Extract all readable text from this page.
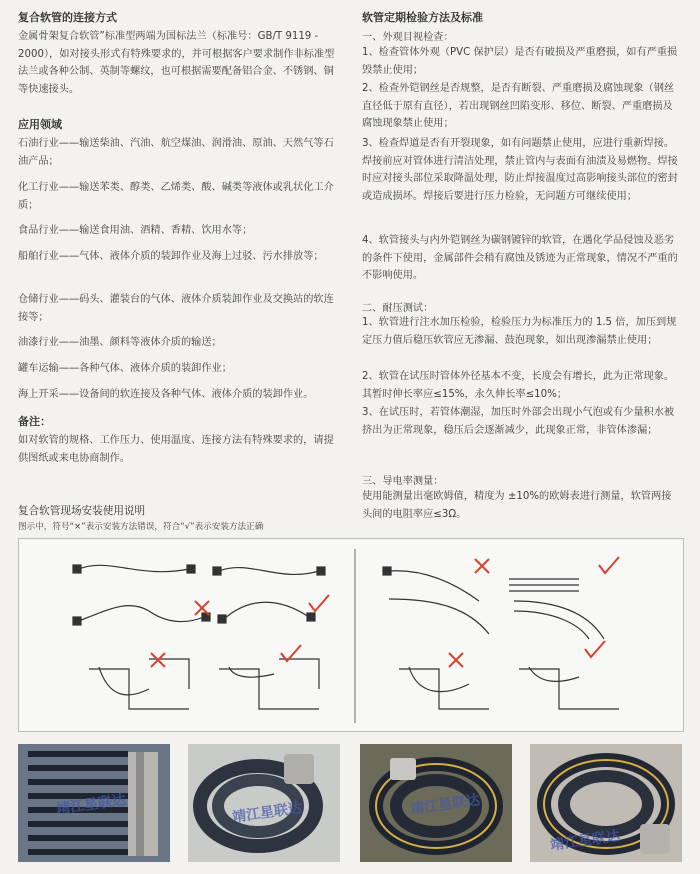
复合软管的连接方式
金属骨架复合软管”标准型两端为国标法兰（标准号：GB/T 9119 - 2000），如对接头形式有特殊要求的，并可根据客户要求制作非标准型法兰或各种公制、英制等螺纹，也可根据需要配备铝合金、不锈钢、铜等快速接头。
应用领域
石油行业——输送柴油、汽油、航空煤油、润滑油、原油、天然气等石油产品；
化工行业——输送苯类、醇类、乙烯类、酸、碱类等液体或乳状化工介质；
食品行业——输送食用油、酒精、香精、饮用水等；
船舶行业——气体、液体介质的装卸作业及海上过驳、污水排放等；
仓储行业——码头、灌装台的气体、液体介质装卸作业及交换站的软连接等；
油漆行业——油墨、颜料等液体介质的输送；
罐车运输——各种气体、液体介质的装卸作业；
海上开采——设备间的软连接及各种气体、液体介质的装卸作业。
备注：
如对软管的规格、工作压力、使用温度、连接方法有特殊要求的，请提供图纸或来电协商制作。
复合软管现场安装使用说明
图示中，符号“×”表示安装方法错误，符合“√”表示安装方法正确
软管定期检验方法及标准
一、外观目视检查：
1、检查管体外观（PVC 保护层）是否有破损及严重磨损，如有严重损毁禁止使用；
2、检查外铠钢丝是否规整，是否有断裂、严重磨损及腐蚀现象（钢丝直径低于原有直径），若出现钢丝凹陷变形、移位、断裂、严重磨损及腐蚀现象禁止使用；
3、检查焊道是否有开裂现象，如有问题禁止使用，应进行重新焊接。焊接前应对管体进行清洁处理，禁止管内与表面有油渍及易燃物。焊接时应对接头部位采取降温处理，防止焊接温度过高影响接头部位的密封或造成损坏。焊接后要进行压力检验，无问题方可继续使用；
4、软管接头与内外铠钢丝为碳钢镀锌的软管，在遇化学品侵蚀及恶劣的条件下使用，金属部件会稍有腐蚀及锈迹为正常现象，情况不严重的不影响使用。
二、耐压测试：
1、软管进行注水加压检验，检验压力为标准压力的 1.5 倍，加压到规定压力值后稳压软管应无渗漏、鼓泡现象，如出现渗漏禁止使用；
2、软管在试压时管体外径基本不变，长度会有增长，此为正常现象。其暂时伸长率应≤15%，永久伸长率≤10%；
3、在试压时，若管体潮湿，加压时外部会出现小气泡或有少量积水被挤出为正常现象，稳压后会逐渐减少，此现象正常，非管体渗漏；
三、导电率测量：
使用能测量出毫欧姆值，精度为 ±10%的欧姆表进行测量，软管两接头间的电阻率应≤3Ω。
靖江星联达	靖江星联达	靖江星联达
靖江星联达
